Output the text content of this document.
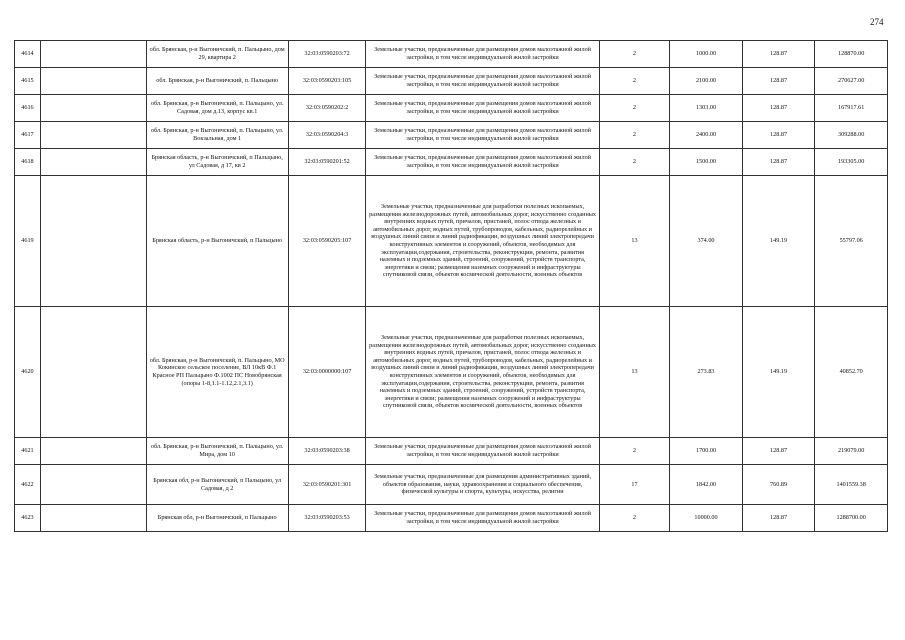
274
4614		обл. Брянская, р-н Выгоничский, п. Пальцыно, дом 29, квартира 2	32:03:0590203:72	Земельные участки, предназначенные для размещения домов малоэтажной жилой застройки, в том числе индивидуальной жилой застройки	2	1000.00	128.87	128870.00
4615		обл. Брянская, р-н Выгоничский, п. Пальцыно	32:03:0590203:105	Земельные участки, предназначенные для размещения домов малоэтажной жилой застройки, в том числе индивидуальной жилой застройки	2	2100.00	128.87	270627.00
4616		обл. Брянская, р-н Выгоничский, п. Пальцыно, ул. Садовая, дом д.13, корпус кв.1	32:03:0590202:2	Земельные участки, предназначенные для размещения домов малоэтажной жилой застройки, в том числе индивидуальной жилой застройки	2	1303.00	128.87	167917.61
4617		обл. Брянская, р-н Выгоничский, п. Пальцыно, ул. Вокзальная, дом 1	32:03:0590204:3	Земельные участки, предназначенные для размещения домов малоэтажной жилой застройки, в том числе индивидуальной жилой застройки	2	2400.00	128.87	309288.00
4618		Брянская область, р-н Выгоничский, п Пальцыно, ул Садовая, д 17, кв 2	32:03:0590201:52	Земельные участки, предназначенные для размещения домов малоэтажной жилой застройки, в том числе индивидуальной жилой застройки	2	1500.00	128.87	193305.00
4619		Брянская область, р-н Выгоничский, п Пальцыно	32:03:0590205:107	Земельные участки, предназначенные для разработки полезных ископаемых, размещения железнодорожных путей, автомобильных дорог, искусственно созданных внутренних водных путей, причалов, пристаней, полос отвода железных и автомобильных дорог, водных путей, трубопроводов, кабельных, радиорелейных и воздушных линий связи и линий радиофикации, воздушных линий электропередачи конструктивных элементов и сооружений, объектов, необходимых для эксплуатации,содержания, строительства, реконструкции, ремонта, развития наземных и подземных зданий, строений, сооружений, устройств транспорта, энергетики и связи; размещения наземных сооружений и инфраструктуры спутниковой связи, объектов космической деятельности, военных объектов	13	374.00	149.19	55797.06
4620		обл. Брянская, р-н Выгоничский, п. Пальцыно, МО Кокинское сельское поселение, ВЛ 10кВ Ф.1 Красное РП Пальцыно Ф.1002 ПС Новобрянская (опоры 1-8,1.1-1.12,2.1,3.1)	32:03:0000000:107	Земельные участки, предназначенные для разработки полезных ископаемых, размещения железнодорожных путей, автомобильных дорог, искусственно созданных внутренних водных путей, причалов, пристаней, полос отвода железных и автомобильных дорог, водных путей, трубопроводов, кабельных, радиорелейных и воздушных линий связи и линий радиофикации, воздушных линий электропередачи конструктивных элементов и сооружений, объектов, необходимых для эксплуатации,содержания, строительства, реконструкции, ремонта, развития наземных и подземных зданий, строений, сооружений, устройств транспорта, энергетики и связи; размещения наземных сооружений и инфраструктуры спутниковой связи, объектов космической деятельности, военных объектов	13	273.83	149.19	40852.70
4621		обл. Брянская, р-н Выгоничский, п. Пальцыно, ул. Мира, дом 10	32:03:0590203:38	Земельные участки, предназначенные для размещения домов малоэтажной жилой застройки, в том числе индивидуальной жилой застройки	2	1700.00	128.87	219079.00
4622		Брянская обл, р-н Выгоничский, п Пальцыно, ул Садовая, д 2	32:03:0590201:301	Земельные участки, предназначенные для размещения административных зданий, объектов образования, науки, здравоохранения и социального обеспечения, физической культуры и спорта, культуры, искусства, религии	17	1842.00	760.89	1401559.38
4623		Брянская обл, р-н Выгоничский, п Пальцыно	32:03:0590203:53	Земельные участки, предназначенные для размещения домов малоэтажной жилой застройки, в том числе индивидуальной жилой застройки	2	10000.00	128.87	1288700.00
